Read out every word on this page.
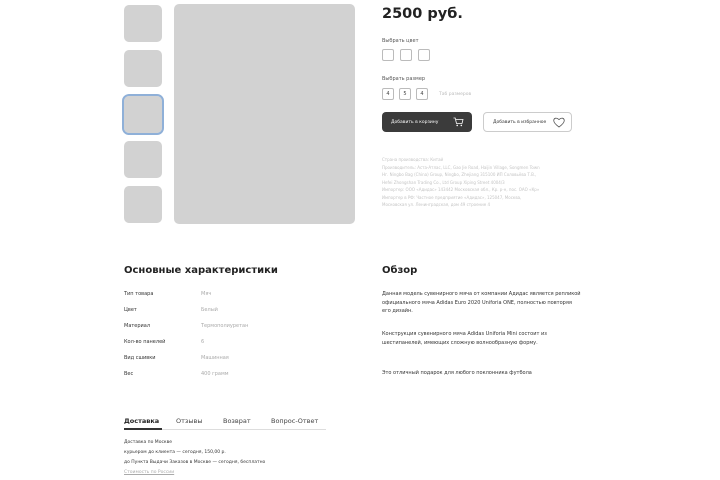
2500 руб.
Выбрать цвет
Выбрать размер
4	5	4	Таб размеров
Добавить в корзину	Добавить в избранное
Страна производства: Китай
Производитель: Аста-Атлас, LLC, Gao Jie Road, Haijin Village, Songmen Town
Нг. Ningbo Bag (China) Group, Ningbo, Zhejiang 315100 ИП Cоловьёва Т.В.,
Hefei Zhongshan Trading Co., Ltd Group Xiping Street 4004/3
Импортер: ООО «Адидас» 143442 Московская обл., Кр. р-н, пос. ОАО «Кр»
Импортер в РФ: Частное предприятие «Адидас», 125047, Москва,
Московская ул. Ленинградская, дом 49 строение 4
Основные характеристики
Тип товара	Мяч
Цвет	Белый
Материал	Термополиуретан
Кол-во панелей	6
Вид сшивки	Машинная
Вес	400 грамм
Обзор
Данная модель сувенирного мяча от компании Адидас является репликой официального мяча Adidas Euro 2020 Uniforia ONE, полностью повторяя его дизайн.
Конструкция сувенирного мяча Adidas Uniforia Mini состоит из шестипанелей, имеющих сложную волнообразную форму.
Это отличный подарок для любого поклонника футбола
Доставка	Отзывы	Возврат	Вопрос-Ответ
Доставка по Москве
курьером до клиента — сегодня, 150,00 р.
до Пункта Выдачи Заказов в Москве — сегодня, бесплатно
Стоимость по России
